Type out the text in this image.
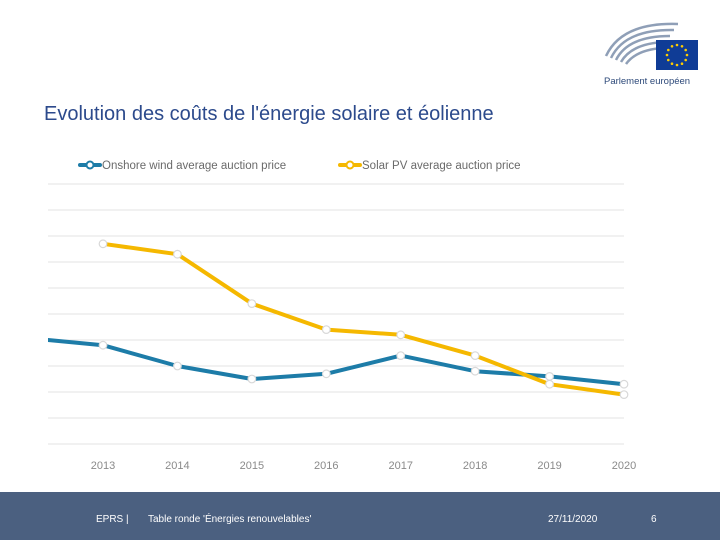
Parlement européen
Evolution des coûts de l'énergie solaire et éolienne
Onshore wind average auction price	Solar PV average auction price
2013	2014	2015	2016	2017	2018	2019	2020
EPRS | Table ronde 'Énergies renouvelables'	27/11/2020	6
